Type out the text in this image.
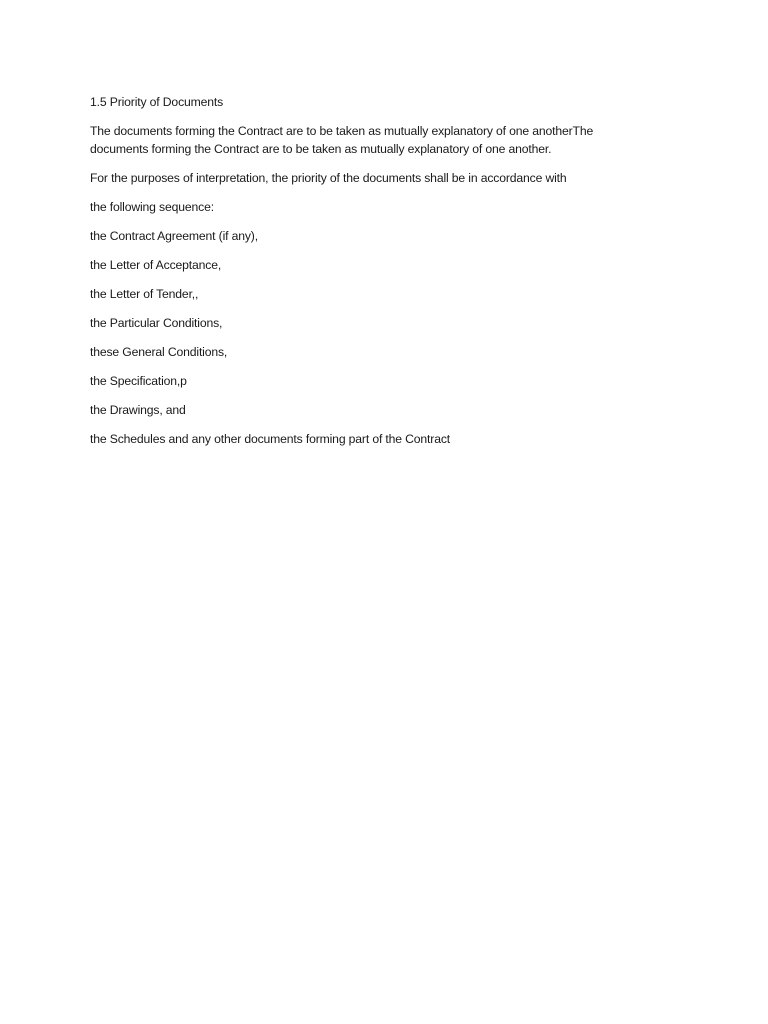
1.5 Priority of Documents

The documents forming the Contract are to be taken as mutually explanatory of one anotherThe documents forming the Contract are to be taken as mutually explanatory of one another.

For the purposes of interpretation, the priority of the documents shall be in accordance with

the following sequence:

the Contract Agreement (if any),

the Letter of Acceptance,

the Letter of Tender,,

the Particular Conditions,

these General Conditions,

the Specification,p

the Drawings, and

the Schedules and any other documents forming part of the Contract
